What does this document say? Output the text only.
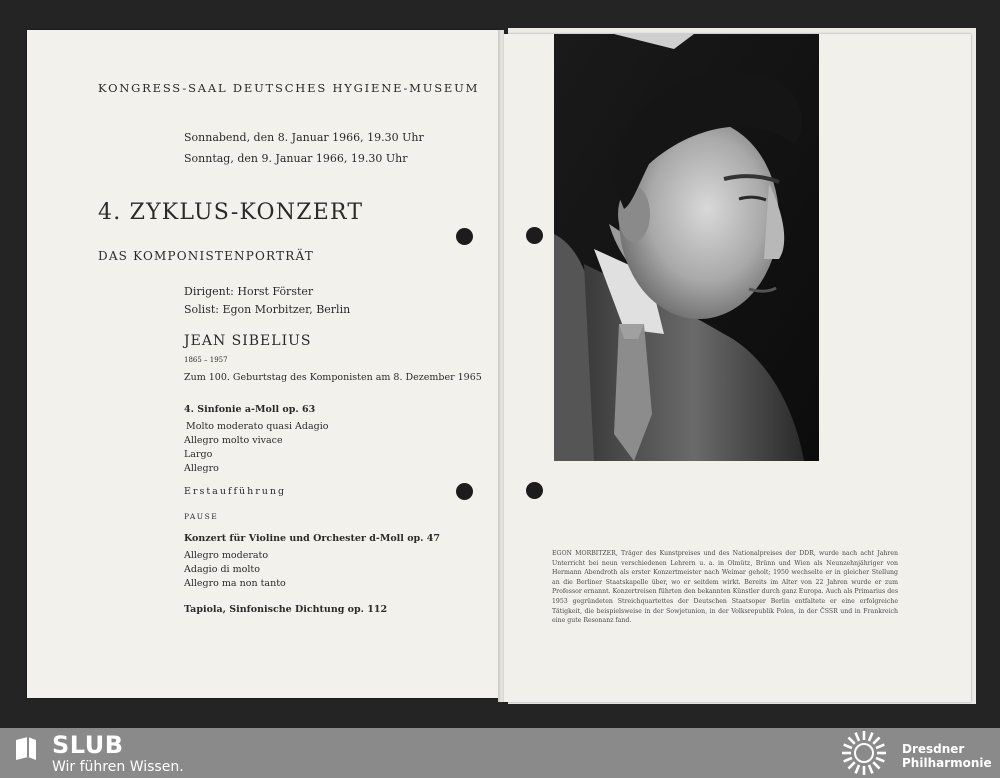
KONGRESS-SAAL DEUTSCHES HYGIENE-MUSEUM
Sonnabend, den 8. Januar 1966, 19.30 Uhr
Sonntag, den 9. Januar 1966, 19.30 Uhr
4. ZYKLUS-KONZERT
DAS KOMPONISTENPORTRÄT
Dirigent: Horst Förster
Solist: Egon Morbitzer, Berlin
JEAN SIBELIUS
1865 – 1957
Zum 100. Geburtstag des Komponisten am 8. Dezember 1965
4. Sinfonie a-Moll op. 63
Molto moderato quasi Adagio
Allegro molto vivace
Largo
Allegro
Erstaufführung
PAUSE
Konzert für Violine und Orchester d-Moll op. 47
Allegro moderato
Adagio di molto
Allegro ma non tanto
Tapiola, Sinfonische Dichtung op. 112
EGON MORBITZER, Träger des Kunstpreises und des Nationalpreises der DDR, wurde nach acht Jahren Unterricht bei neun verschiedenen Lehrern u. a. in Olmütz, Brünn und Wien als Neunzehnjähriger von Hermann Abendroth als erster Konzertmeister nach Weimar geholt; 1950 wechselte er in gleicher Stellung an die Berliner Staatskapelle über, wo er seitdem wirkt. Bereits im Alter von 22 Jahren wurde er zum Professor ernannt. Konzertreisen führten den bekannten Künstler durch ganz Europa. Auch als Primarius des 1953 gegründeten Streichquartettes der Deutschen Staatsoper Berlin entfaltete er eine erfolgreiche Tätigkeit, die beispielsweise in der Sowjetunion, in der Volksrepublik Polen, in der ČSSR und in Frankreich eine gute Resonanz fand.
SLUB
Wir führen Wissen.
Dresdner
Philharmonie
